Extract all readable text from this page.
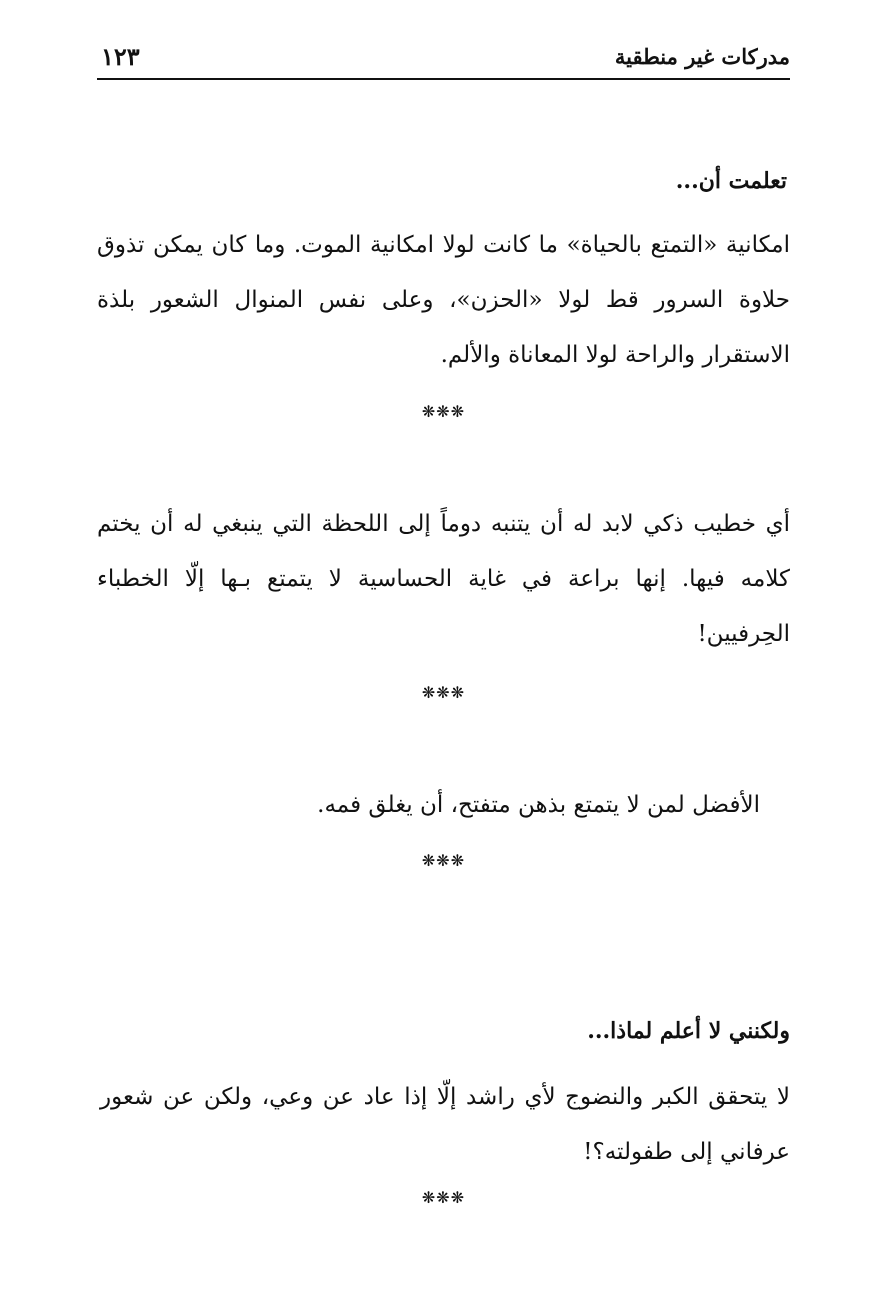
مدركات غير منطقية
١٢٣
تعلمت أن...
امكانية «التمتع بالحياة» ما كانت لولا امكانية الموت. وما كان يمكن تذوق حلاوة السرور قط لولا «الحزن»، وعلى نفس المنوال الشعور بلذة الاستقرار والراحة لولا المعاناة والألم.
❋❋❋
أي خطيب ذكي لابد له أن يتنبه دوماً إلى اللحظة التي ينبغي له أن يختم كلامه فيها. إنها براعة في غاية الحساسية لا يتمتع بـها إلّا الخطباء الحِرفيين!
❋❋❋
الأفضل لمن لا يتمتع بذهن متفتح، أن يغلق فمه.
❋❋❋
ولكنني لا أعلم لماذا...
لا يتحقق الكبر والنضوج لأي راشد إلّا إذا عاد عن وعي، ولكن عن شعور عرفاني إلى طفولته؟!
❋❋❋
